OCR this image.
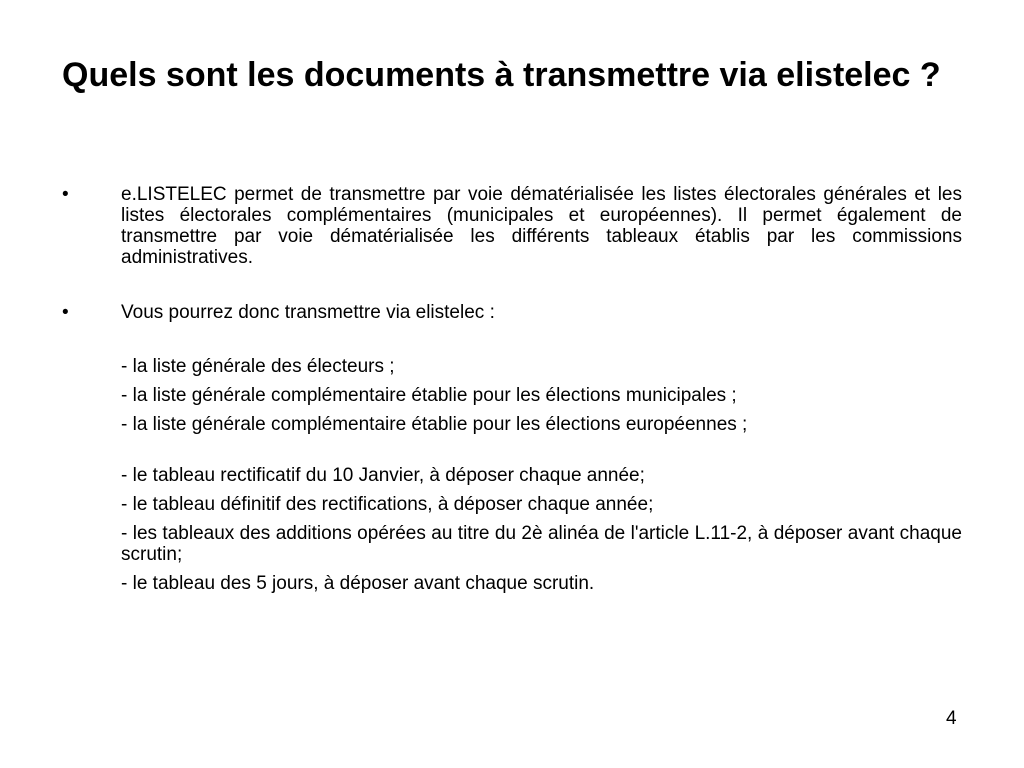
Quels sont les documents à transmettre via elistelec ?
•	e.LISTELEC permet de transmettre par voie dématérialisée les listes électorales générales et les listes électorales complémentaires (municipales et européennes). Il permet également de transmettre par voie dématérialisée les différents tableaux établis par les commissions administratives.
•	Vous pourrez donc transmettre via elistelec :
- la liste générale des électeurs ;
- la liste générale complémentaire établie pour les élections municipales ;
- la liste générale complémentaire établie pour les élections européennes ;
- le tableau rectificatif du 10 Janvier, à déposer chaque année;
- le tableau définitif des rectifications, à déposer chaque année;
- les tableaux des additions opérées au titre du 2è alinéa de l'article L.11-2, à déposer avant chaque scrutin;
- le tableau des 5 jours, à déposer avant chaque scrutin.
4
